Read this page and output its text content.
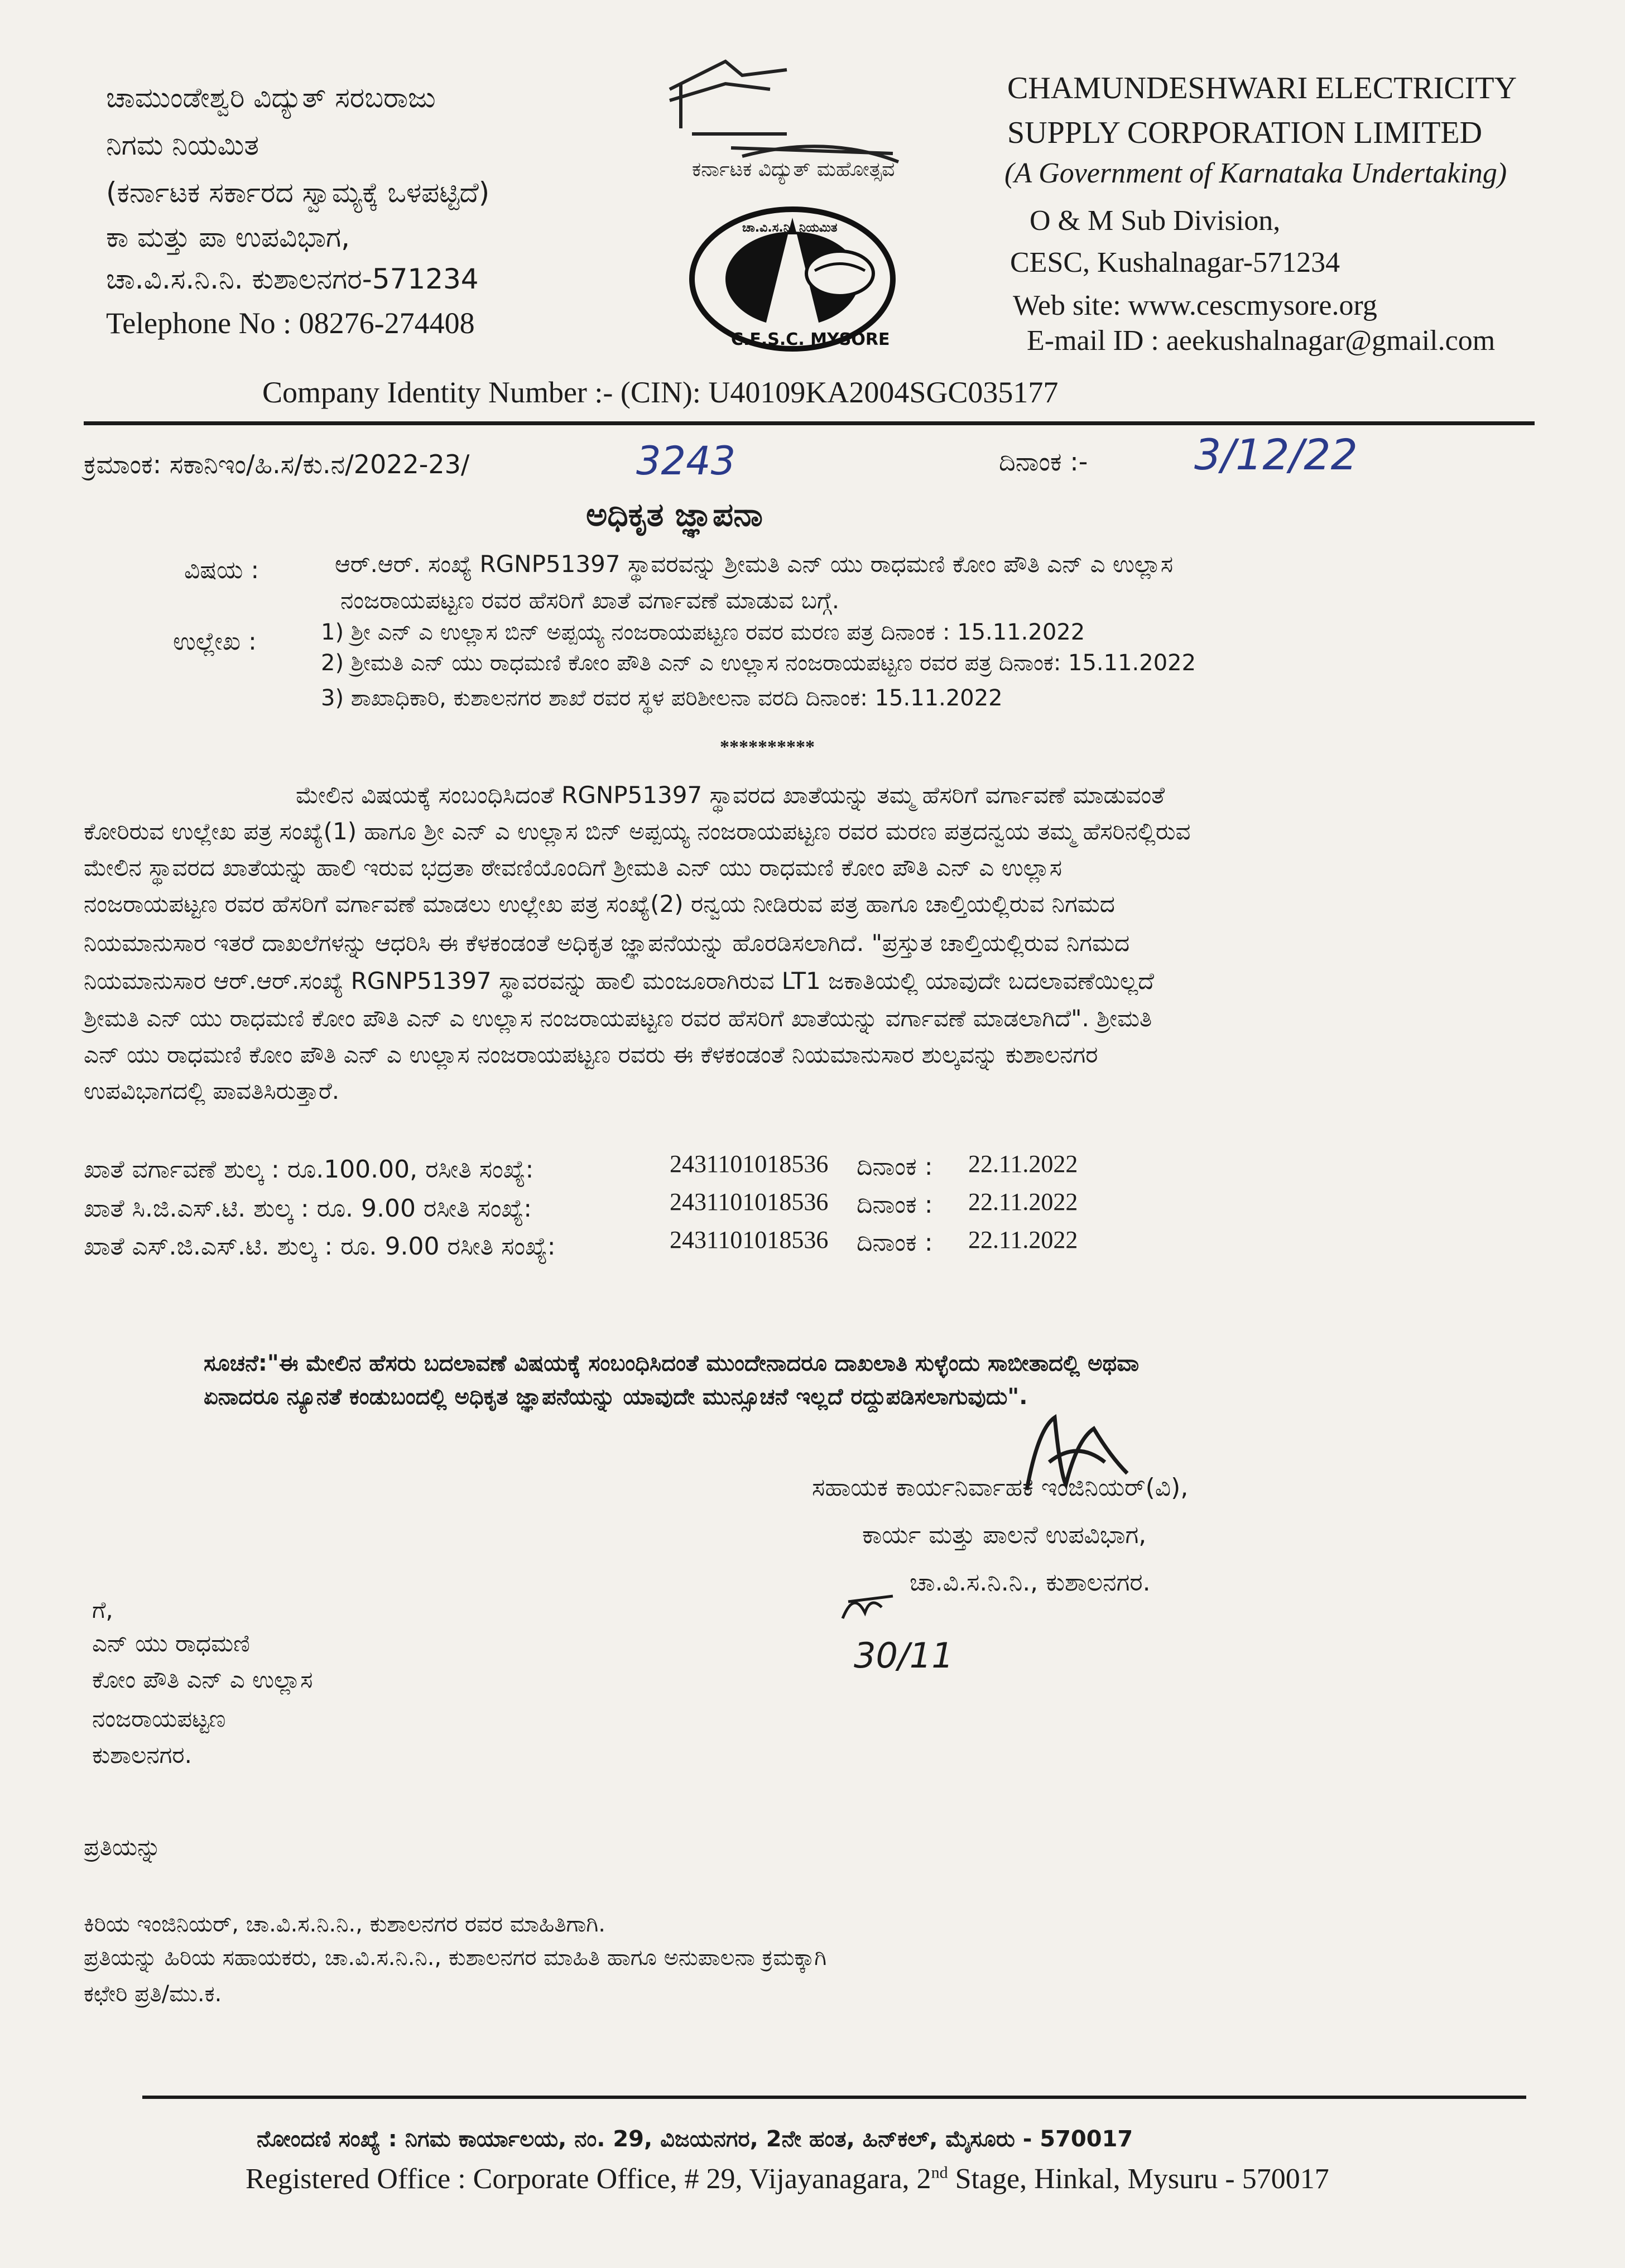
ಚಾಮುಂಡೇಶ್ವರಿ ವಿದ್ಯುತ್ ಸರಬರಾಜು
ನಿಗಮ ನಿಯಮಿತ
(ಕರ್ನಾಟಕ ಸರ್ಕಾರದ ಸ್ವಾಮ್ಯಕ್ಕೆ ಒಳಪಟ್ಟಿದೆ)
ಕಾ ಮತ್ತು ಪಾ ಉಪವಿಭಾಗ,
ಚಾ.ವಿ.ಸ.ನಿ.ನಿ. ಕುಶಾಲನಗರ-571234
Telephone No : 08276-274408
ಕರ್ನಾಟಕ ವಿದ್ಯುತ್ ಮಹೋತ್ಸವ
ಚಾ.ವಿ.ಸ.ನಿ. ನಿಯಮಿತ
C.E.S.C. MYSORE
CHAMUNDESHWARI ELECTRICITY
SUPPLY CORPORATION LIMITED
(A Government of Karnataka Undertaking)
O & M Sub Division,
CESC, Kushalnagar-571234
Web site: www.cescmysore.org
E-mail ID : aeekushalnagar@gmail.com
Company Identity Number :- (CIN): U40109KA2004SGC035177
ಕ್ರಮಾಂಕ: ಸಕಾನಿಇಂ/ಹಿ.ಸ/ಕು.ನ/2022-23/	3243	ದಿನಾಂಕ :-	3/12/22
ಅಧಿಕೃತ ಜ್ಞಾಪನಾ
ವಿಷಯ :	ಆರ್.ಆರ್. ಸಂಖ್ಯೆ RGNP51397 ಸ್ಥಾವರವನ್ನು ಶ್ರೀಮತಿ ಎನ್ ಯು ರಾಧಮಣಿ ಕೋಂ ಪೌತಿ ಎನ್ ಎ ಉಲ್ಲಾಸ
ನಂಜರಾಯಪಟ್ಟಣ ರವರ ಹೆಸರಿಗೆ ಖಾತೆ ವರ್ಗಾವಣೆ ಮಾಡುವ ಬಗ್ಗೆ.
ಉಲ್ಲೇಖ :	1) ಶ್ರೀ ಎನ್ ಎ ಉಲ್ಲಾಸ ಬಿನ್ ಅಪ್ಪಯ್ಯ ನಂಜರಾಯಪಟ್ಟಣ ರವರ ಮರಣ ಪತ್ರ ದಿನಾಂಕ : 15.11.2022
2) ಶ್ರೀಮತಿ ಎನ್ ಯು ರಾಧಮಣಿ ಕೋಂ ಪೌತಿ ಎನ್ ಎ ಉಲ್ಲಾಸ ನಂಜರಾಯಪಟ್ಟಣ ರವರ ಪತ್ರ ದಿನಾಂಕ: 15.11.2022
3) ಶಾಖಾಧಿಕಾರಿ, ಕುಶಾಲನಗರ ಶಾಖೆ ರವರ ಸ್ಥಳ ಪರಿಶೀಲನಾ ವರದಿ ದಿನಾಂಕ: 15.11.2022
**********
ಮೇಲಿನ ವಿಷಯಕ್ಕೆ ಸಂಬಂಧಿಸಿದಂತೆ RGNP51397 ಸ್ಥಾವರದ ಖಾತೆಯನ್ನು ತಮ್ಮ ಹೆಸರಿಗೆ ವರ್ಗಾವಣೆ ಮಾಡುವಂತೆ
ಕೋರಿರುವ ಉಲ್ಲೇಖ ಪತ್ರ ಸಂಖ್ಯೆ(1) ಹಾಗೂ ಶ್ರೀ ಎನ್ ಎ ಉಲ್ಲಾಸ ಬಿನ್ ಅಪ್ಪಯ್ಯ ನಂಜರಾಯಪಟ್ಟಣ ರವರ ಮರಣ ಪತ್ರದನ್ವಯ ತಮ್ಮ ಹೆಸರಿನಲ್ಲಿರುವ
ಮೇಲಿನ ಸ್ಥಾವರದ ಖಾತೆಯನ್ನು ಹಾಲಿ ಇರುವ ಭದ್ರತಾ ಠೇವಣಿಯೊಂದಿಗೆ ಶ್ರೀಮತಿ ಎನ್ ಯು ರಾಧಮಣಿ ಕೋಂ ಪೌತಿ ಎನ್ ಎ ಉಲ್ಲಾಸ
ನಂಜರಾಯಪಟ್ಟಣ ರವರ ಹೆಸರಿಗೆ ವರ್ಗಾವಣೆ ಮಾಡಲು ಉಲ್ಲೇಖ ಪತ್ರ ಸಂಖ್ಯೆ(2) ರನ್ವಯ ನೀಡಿರುವ ಪತ್ರ ಹಾಗೂ ಚಾಲ್ತಿಯಲ್ಲಿರುವ ನಿಗಮದ
ನಿಯಮಾನುಸಾರ ಇತರೆ ದಾಖಲೆಗಳನ್ನು ಆಧರಿಸಿ ಈ ಕೆಳಕಂಡಂತೆ ಅಧಿಕೃತ ಜ್ಞಾಪನೆಯನ್ನು ಹೊರಡಿಸಲಾಗಿದೆ. "ಪ್ರಸ್ತುತ ಚಾಲ್ತಿಯಲ್ಲಿರುವ ನಿಗಮದ
ನಿಯಮಾನುಸಾರ ಆರ್.ಆರ್.ಸಂಖ್ಯೆ RGNP51397 ಸ್ಥಾವರವನ್ನು ಹಾಲಿ ಮಂಜೂರಾಗಿರುವ LT1 ಜಕಾತಿಯಲ್ಲಿ ಯಾವುದೇ ಬದಲಾವಣೆಯಿಲ್ಲದೆ
ಶ್ರೀಮತಿ ಎನ್ ಯು ರಾಧಮಣಿ ಕೋಂ ಪೌತಿ ಎನ್ ಎ ಉಲ್ಲಾಸ ನಂಜರಾಯಪಟ್ಟಣ ರವರ ಹೆಸರಿಗೆ ಖಾತೆಯನ್ನು ವರ್ಗಾವಣೆ ಮಾಡಲಾಗಿದೆ". ಶ್ರೀಮತಿ
ಎನ್ ಯು ರಾಧಮಣಿ ಕೋಂ ಪೌತಿ ಎನ್ ಎ ಉಲ್ಲಾಸ ನಂಜರಾಯಪಟ್ಟಣ ರವರು ಈ ಕೆಳಕಂಡಂತೆ ನಿಯಮಾನುಸಾರ ಶುಲ್ಕವನ್ನು ಕುಶಾಲನಗರ
ಉಪವಿಭಾಗದಲ್ಲಿ ಪಾವತಿಸಿರುತ್ತಾರೆ.
ಖಾತೆ ವರ್ಗಾವಣೆ ಶುಲ್ಕ : ರೂ.100.00, ರಸೀತಿ ಸಂಖ್ಯೆ:	2431101018536 ದಿನಾಂಕ : 22.11.2022
ಖಾತೆ ಸಿ.ಜಿ.ಎಸ್.ಟಿ. ಶುಲ್ಕ : ರೂ. 9.00 ರಸೀತಿ ಸಂಖ್ಯೆ:	2431101018536 ದಿನಾಂಕ : 22.11.2022
ಖಾತೆ ಎಸ್.ಜಿ.ಎಸ್.ಟಿ. ಶುಲ್ಕ : ರೂ. 9.00 ರಸೀತಿ ಸಂಖ್ಯೆ:	2431101018536 ದಿನಾಂಕ : 22.11.2022
ಸೂಚನೆ:"ಈ ಮೇಲಿನ ಹೆಸರು ಬದಲಾವಣೆ ವಿಷಯಕ್ಕೆ ಸಂಬಂಧಿಸಿದಂತೆ ಮುಂದೇನಾದರೂ ದಾಖಲಾತಿ ಸುಳ್ಳೆಂದು ಸಾಬೀತಾದಲ್ಲಿ ಅಥವಾ
ಏನಾದರೂ ನ್ಯೂನತೆ ಕಂಡುಬಂದಲ್ಲಿ ಅಧಿಕೃತ ಜ್ಞಾಪನೆಯನ್ನು ಯಾವುದೇ ಮುನ್ಸೂಚನೆ ಇಲ್ಲದೆ ರದ್ದುಪಡಿಸಲಾಗುವುದು".
ಸಹಾಯಕ ಕಾರ್ಯನಿರ್ವಾಹಕ ಇಂಜಿನಿಯರ್(ವಿ),
ಕಾರ್ಯ ಮತ್ತು ಪಾಲನೆ ಉಪವಿಭಾಗ,
ಚಾ.ವಿ.ಸ.ನಿ.ನಿ., ಕುಶಾಲನಗರ.
30/11
ಗೆ,
ಎನ್ ಯು ರಾಧಮಣಿ
ಕೋಂ ಪೌತಿ ಎನ್ ಎ ಉಲ್ಲಾಸ
ನಂಜರಾಯಪಟ್ಟಣ
ಕುಶಾಲನಗರ.
ಪ್ರತಿಯನ್ನು
ಕಿರಿಯ ಇಂಜಿನಿಯರ್, ಚಾ.ವಿ.ಸ.ನಿ.ನಿ., ಕುಶಾಲನಗರ ರವರ ಮಾಹಿತಿಗಾಗಿ.
ಪ್ರತಿಯನ್ನು ಹಿರಿಯ ಸಹಾಯಕರು, ಚಾ.ವಿ.ಸ.ನಿ.ನಿ., ಕುಶಾಲನಗರ ಮಾಹಿತಿ ಹಾಗೂ ಅನುಪಾಲನಾ ಕ್ರಮಕ್ಕಾಗಿ
ಕಛೇರಿ ಪ್ರತಿ/ಮು.ಕ.
ನೋಂದಣಿ ಸಂಖ್ಯೆ : ನಿಗಮ ಕಾರ್ಯಾಲಯ, ನಂ. 29, ವಿಜಯನಗರ, 2ನೇ ಹಂತ, ಹಿನ್‌ಕಲ್, ಮೈಸೂರು - 570017
Registered Office : Corporate Office, # 29, Vijayanagara, 2nd Stage, Hinkal, Mysuru - 570017
